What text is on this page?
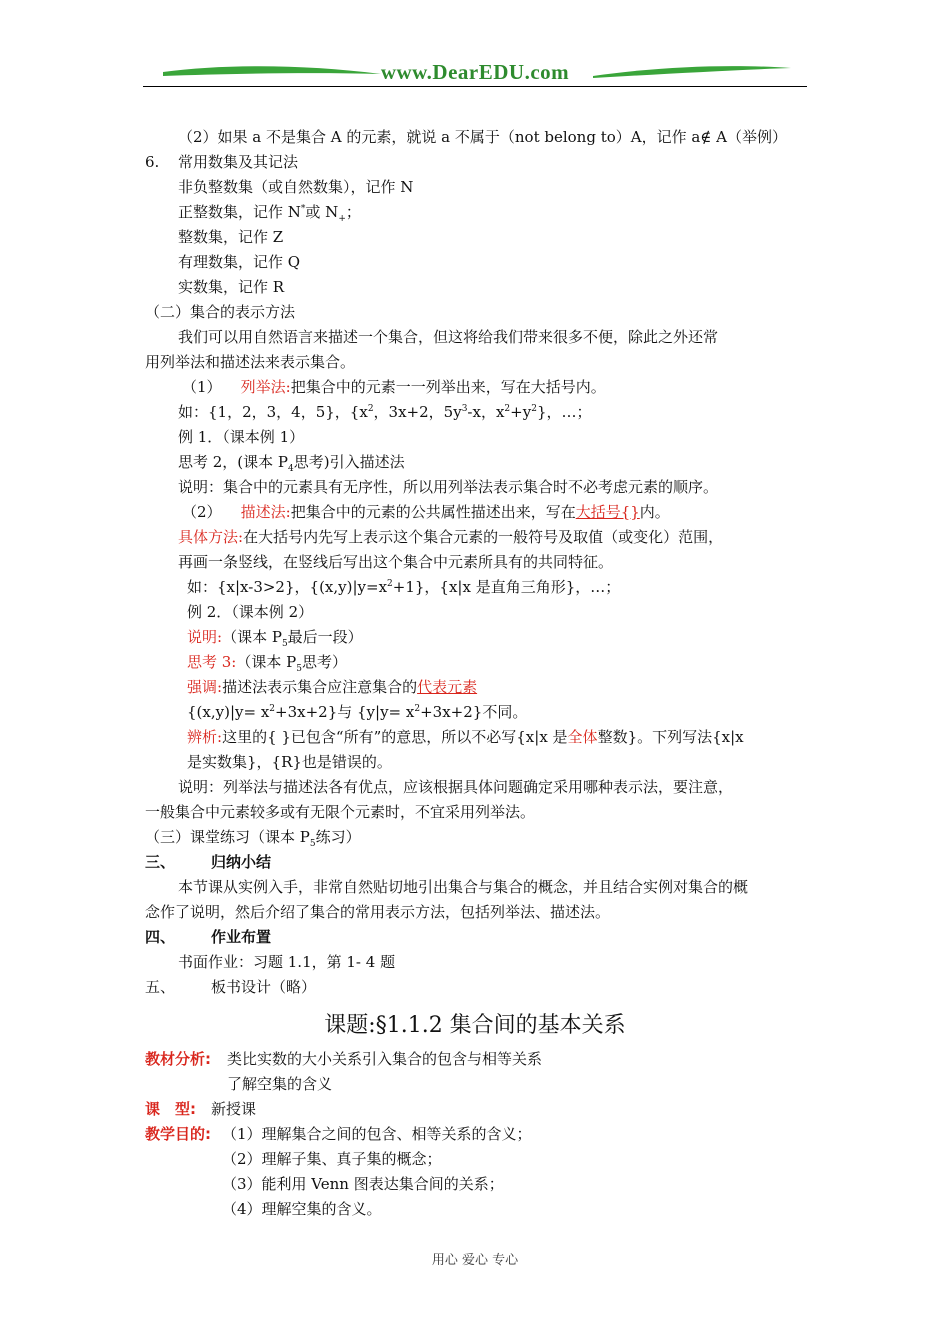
www.DearEDU.com
（2）如果 a 不是集合 A 的元素，就说 a 不属于（not belong to）A，记作 a∉ A（举例）
6. 常用数集及其记法
非负整数集（或自然数集），记作 N
正整数集，记作 N*或 $N_+$；
整数集，记作 Z
有理数集，记作 Q
实数集，记作 R
（二）集合的表示方法
我们可以用自然语言来描述一个集合，但这将给我们带来很多不便，除此之外还常
用列举法和描述法来表示集合。
（1） 列举法:把集合中的元素一一列举出来，写在大括号内。
如：{1，2，3，4，5}，{$x^2$，3x+2，$5y^3-x$，$x^2+y^2$}，…；
例 1．（课本例 1）
思考 2，(课本 $P_4$思考)引入描述法
说明：集合中的元素具有无序性，所以用列举法表示集合时不必考虑元素的顺序。
（2） 描述法:把集合中的元素的公共属性描述出来，写在大括号{}内。
具体方法:在大括号内先写上表示这个集合元素的一般符号及取值（或变化）范围，
再画一条竖线，在竖线后写出这个集合中元素所具有的共同特征。
如：{x|x-3>2}，$\{(x,y)|y=x^2+1\}$，{x|x 是直角三角形}，…；
例 2．（课本例 2）
说明:（课本 $P_5$最后一段）
思考 3:（课本 $P_5$思考）
强调:描述法表示集合应注意集合的代表元素
$\{(x,y)|y= x^2+3x+2\}$与 $\{y|y= x^2+3x+2\}$不同。
辨析:这里的{ }已包含“所有”的意思，所以不必写{x|x 是全体整数}。下列写法{x|x
是实数集}，{R}也是错误的。
说明：列举法与描述法各有优点，应该根据具体问题确定采用哪种表示法，要注意，
一般集合中元素较多或有无限个元素时，不宜采用列举法。
（三）课堂练习（课本 $P_5$练习）
三、 归纳小结
本节课从实例入手，非常自然贴切地引出集合与集合的概念，并且结合实例对集合的概
念作了说明，然后介绍了集合的常用表示方法，包括列举法、描述法。
四、 作业布置
书面作业：习题 1.1，第 1- 4 题
五、 板书设计（略）
课题:§1.1.2 集合间的基本关系
教材分析: 类比实数的大小关系引入集合的包含与相等关系
了解空集的含义
课　型: 新授课
教学目的: （1）理解集合之间的包含、相等关系的含义；
（2）理解子集、真子集的概念；
（3）能利用 Venn 图表达集合间的关系；
（4）理解空集的含义。
用心 爱心 专心
